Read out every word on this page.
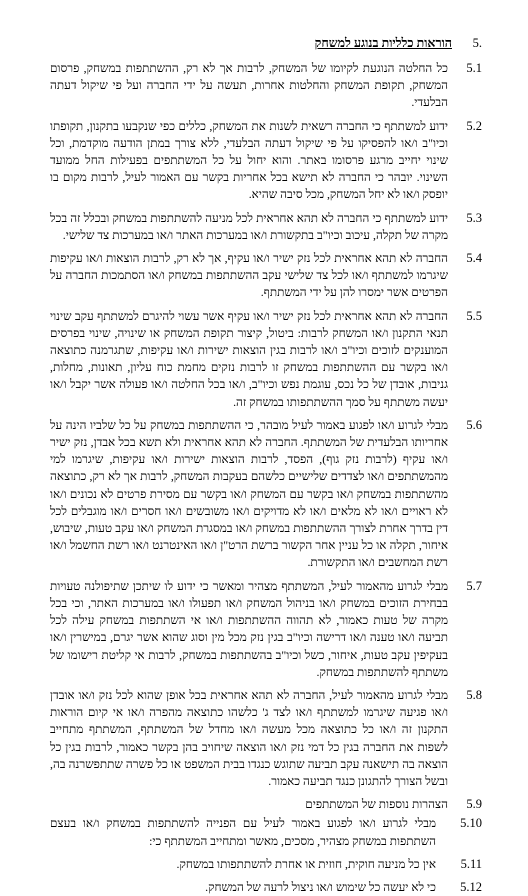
.5
הוראות כלליות בנוגע למשחק
5.1
כל החלטה הנוגעת לקיומו של המשחק, לרבות אך לא רק, ההשתתפות במשחק, פרסום המשחק, תקופת המשחק והחלטות אחרות, תעשה על ידי החברה ועל פי שיקול דעתה הבלעדי.
5.2
ידוע למשתתף כי החברה רשאית לשנות את המשחק, כללים כפי שנקבעו בתקנון, תקופתו וכיו"ב ו/או להפסיקו על פי שיקול דעתה הבלעדי, ללא צורך במתן הודעה מוקדמת, וכל שינוי יחייב מרגע פרסומו באתר. והוא יחול על כל המשתתפים בפעילות החל ממועד השינוי. יובהר כי החברה לא תישא בכל אחריות בקשר עם האמור לעיל, לרבות מקום בו יופסק ו/או לא יחל המשחק, מכל סיבה שהיא.
5.3
ידוע למשתתף כי החברה לא תהא אחראית לכל מניעה להשתתפות במשחק ובכלל זה בכל מקרה של תקלה, עיכוב וכיו"ב בתקשורת ו/או במערכות האתר ו/או במערכות צד שלישי.
5.4
החברה לא תהא אחראית לכל נזק ישיר ו/או עקיף, אך לא רק, לרבות הוצאות ו/או עקיפות שיגרמו למשתתף ו/או לכל צד שלישי עקב ההשתתפות במשחק ו/או הסתמכות החברה על הפרטים אשר ימסרו להן על ידי המשתתף.
5.5
החברה לא תהא אחראית לכל נזק ישיר ו/או עקיף אשר עשוי להיגרם למשתתף עקב שינוי תנאי התקנון ו/או המשחק לרבות: ביטול, קיצור תקופת המשחק או שינויה, שינוי בפרסים המוענקים לזוכים וכיו"ב ו/או לרבות בגין הוצאות ישירות ו/או עקיפות, שתגרמנה כתוצאה ו/או בקשר עם ההשתתפות במשחק זו לרבות נזקים מחמת כוח עליון, תאונות, מחלות, גניבות, אובדן של כל נכס, עוגמת נפש וכיו"ב, ו/או בכל החלטה ו/או פעולה אשר יקבל ו/או יעשה משתתף על סמך ההשתתפותו במשחק זה.
5.6
מבלי לגרוע ו/או לפגוע באמור לעיל מובהר, כי ההשתתפות במשחק על כל שלביו הינה על אחריותו הבלעדית של המשתתף. החברה לא תהא אחראית ולא תשא בכל אבדן, נזק ישיר ו/או עקיף (לרבות נזק גוף), הפסד, לרבות הוצאות ישירות ו/או עקיפות, שיגרמו למי מהמשתתפים ו/או לצדדים שלישיים כלשהם בעקבות המשחק, לרבות אך לא רק, כתוצאה מהשתתפות במשחק ו/או בקשר עם המשחק ו/או בקשר עם מסירת פרטים לא נכונים ו/או לא ראויים ו/או לא מלאים ו/או לא מדויקים ו/או משובשים ו/או חסרים ו/או מוגבלים לכל דין בדרך אחרת לצורך ההשתתפות במשחק ו/או במסגרת המשחק ו/או עקב טעות, שיבוש, איחור, תקלה או כל עניין אחר הקשור ברשת הרט"ן ו/או האינטרנט ו/או רשת החשמל ו/או רשת המחשבים ו/או התקשורת.
5.7
מבלי לגרוע מהאמור לעיל, המשתתף מצהיר ומאשר כי ידוע לו שיתכן שתיפולנה טעויות בבחירת הזוכים במשחק ו/או בניהול המשחק ו/או תפעולו ו/או במערכות האתר, וכי בכל מקרה של טעות כאמור, לא תהווה ההשתתפות ו/או אי השתתפות במשחק עילה לכל תביעה ו/או טענה ו/או דרישה וכיו"ב בגין נזק מכל מין וסוג שהוא אשר יגרם, במישרין ו/או בעקיפין עקב טעות, איחור, כשל וכיו"ב בהשתתפות במשחק, לרבות אי קליטת רישומו של משתתף להשתתפות במשחק.
5.8
מבלי לגרוע מהאמור לעיל, החברה לא תהא אחראית בכל אופן שהוא לכל נזק ו/או אובדן ו/או פגיעה שיגרמו למשתתף ו/או לצד ג' כלשהו כתוצאה מהפרה ו/או אי קיום הוראות התקנון זה ו/או כל כתוצאה מכל מעשה ו/או מחדל של המשתתף, המשתתף מתחייב לשפות את החברה בגין כל דמי נזק ו/או הוצאה שיחויב בהן בקשר כאמור, לרבות בגין כל הוצאה בה תישאנה עקב תביעה שתוגש כנגדו בבית המשפט או כל פשרה שתתפשרנה בה, ובשל הצורך להתגונן כנגד תביעה כאמור.
5.9
הצהרות נוספות של המשתתפים
5.10
מבלי לגרוע ו/או לפגוע באמור לעיל עם הפנייה להשתתפות במשחק ו/או בעצם השתתפות במשחק מצהיר, מסכים, מאשר ומתחייב המשתתף כי:
5.11
אין כל מניעה חוקית, חוזית או אחרת להשתתפותו במשחק.
5.12
כי לא יעשה כל שימוש ו/או ניצול לרעה של המשחק.
